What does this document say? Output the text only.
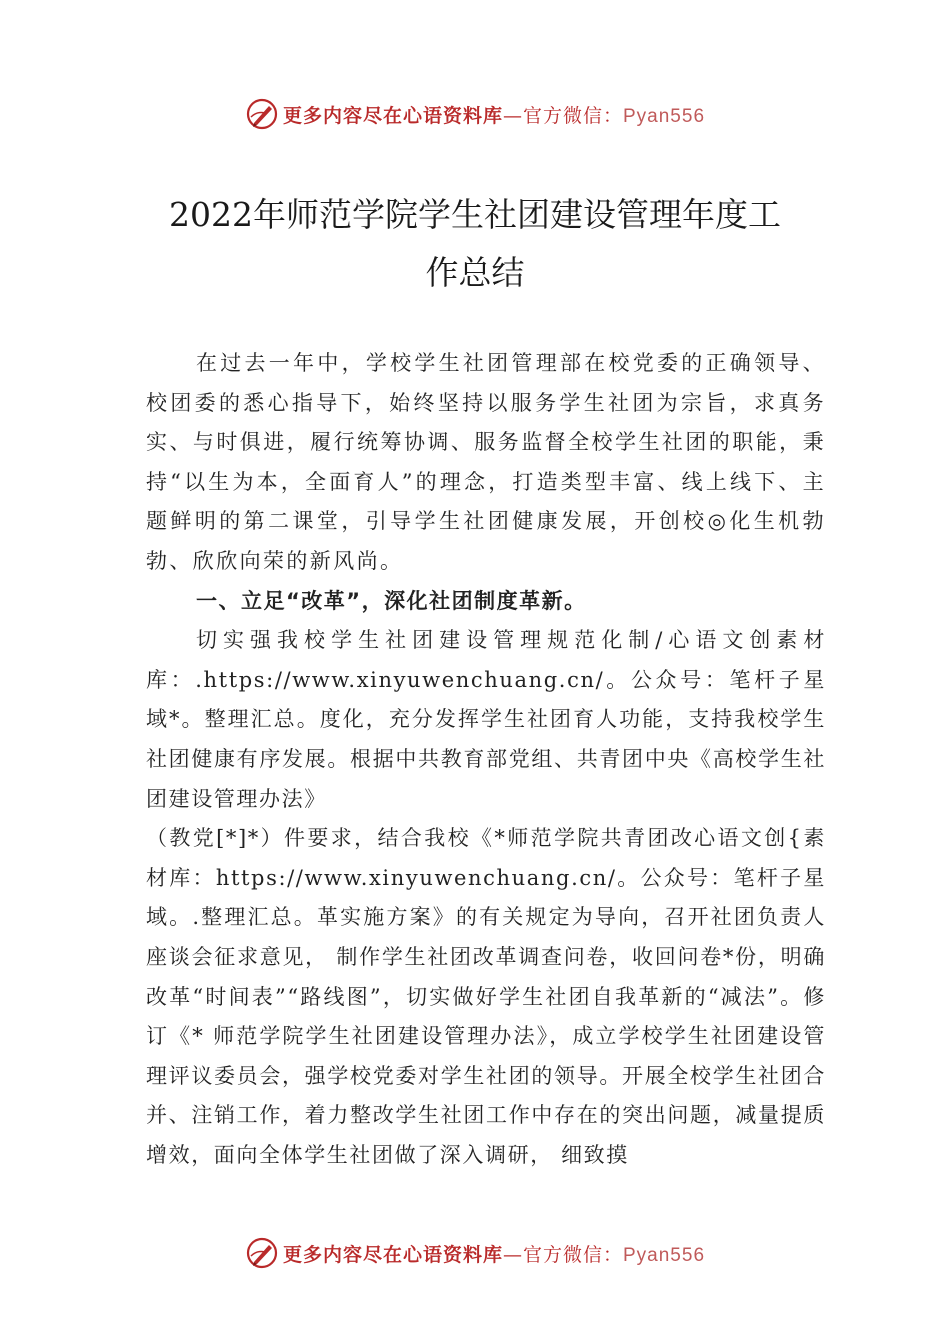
更多内容尽在心语资料库—官方微信：Pyan556
2022年师范学院学生社团建设管理年度工
作总结

在过去一年中，学校学生社团管理部在校党委的正确领导、校团委的悉心指导下，始终坚持以服务学生社团为宗旨，求真务实、与时俱进，履行统筹协调、服务监督全校学生社团的职能，秉持“以生为本，全面育人”的理念，打造类型丰富、线上线下、主题鲜明的第二课堂，引导学生社团健康发展，开创校◎化生机勃勃、欣欣向荣的新风尚。

一、立足“改革”，深化社团制度革新。

切实强我校学生社团建设管理规范化制/心语文创素材库：.https://www.xinyuwenchuang.cn/。公众号：笔杆子星域*。整理汇总。度化，充分发挥学生社团育人功能，支持我校学生社团健康有序发展。根据中共教育部党组、共青团中央《高校学生社团建设管理办法》

（教党[*]*）件要求，结合我校《*师范学院共青团改心语文创{素材库：https://www.xinyuwenchuang.cn/。公众号：笔杆子星域。.整理汇总。革实施方案》的有关规定为导向，召开社团负责人座谈会征求意见， 制作学生社团改革调查问卷，收回问卷*份，明确改革“时间表”“路线图”，切实做好学生社团自我革新的“减法”。修订《* 师范学院学生社团建设管理办法》，成立学校学生社团建设管理评议委员会，强学校党委对学生社团的领导。开展全校学生社团合并、注销工作，着力整改学生社团工作中存在的突出问题，减量提质增效，面向全体学生社团做了深入调研， 细致摸

更多内容尽在心语资料库—官方微信：Pyan556
